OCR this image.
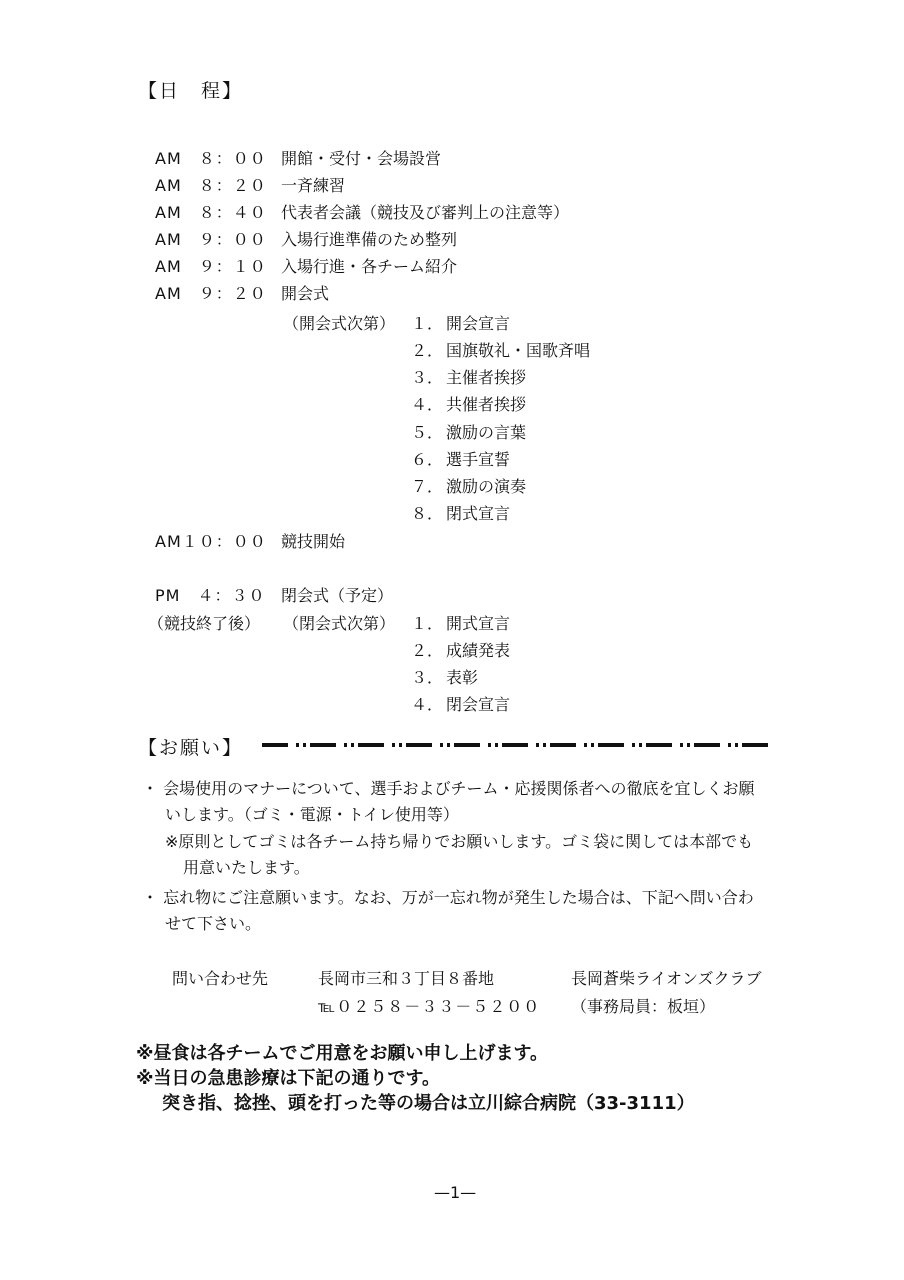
【日　程】
AM　８：００ 開館・受付・会場設営
AM　８：２０ 一斉練習
AM　８：４０ 代表者会議（競技及び審判上の注意等）
AM　９：００ 入場行進準備のため整列
AM　９：１０ 入場行進・各チーム紹介
AM　９：２０ 開会式
（開会式次第） １． 開会宣言
２． 国旗敬礼・国歌斉唱
３． 主催者挨拶
４． 共催者挨拶
５． 激励の言葉
６． 選手宣誓
７． 激励の演奏
８． 閉式宣言
AM１０：００ 競技開始
PM　４：３０ 閉会式（予定）
（競技終了後） （閉会式次第） １． 開式宣言
２． 成績発表
３． 表彰
４． 閉会宣言
【お願い】
・ 会場使用のマナーについて、選手およびチーム・応援関係者への徹底を宜しくお願
いします。（ゴミ・電源・トイレ使用等）
※原則としてゴミは各チーム持ち帰りでお願いします。ゴミ袋に関しては本部でも
用意いたします。
・ 忘れ物にご注意願います。なお、万が一忘れ物が発生した場合は、下記へ問い合わ
せて下さい。
問い合わせ先	長岡市三和３丁目８番地	長岡蒼柴ライオンズクラブ
℡０２５８－３３－５２００ （事務局員：板垣）
※昼食は各チームでご用意をお願い申し上げます。
※当日の急患診療は下記の通りです。
突き指、捻挫、頭を打った等の場合は立川綜合病院（33-3111）
—1—
